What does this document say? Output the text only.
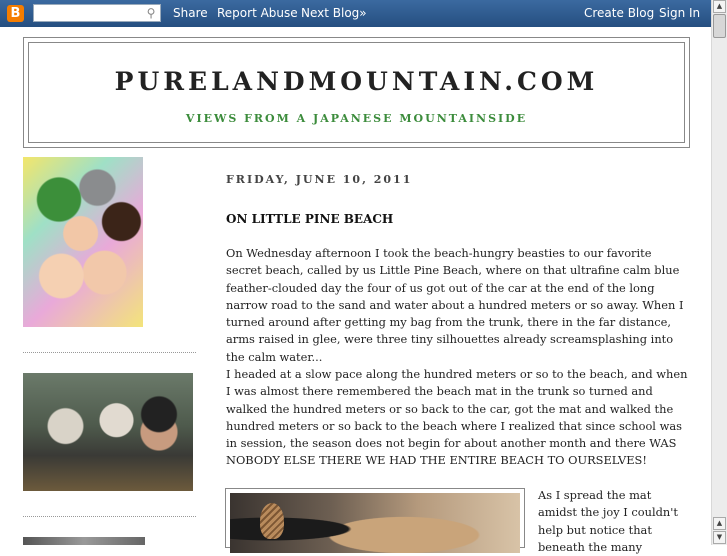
B	⚲ Share Report Abuse Next Blog»	Create Blog Sign In	▲
▲
▼
PURELANDMOUNTAIN.COM
VIEWS FROM A JAPANESE MOUNTAINSIDE
FRIDAY, JUNE 10, 2011
ON LITTLE PINE BEACH

On Wednesday afternoon I took the beach-hungry beasties to our favorite secret beach, called by us Little Pine Beach, where on that ultrafine calm blue feather-clouded day the four of us got out of the car at the end of the long narrow road to the sand and water about a hundred meters or so away. When I turned around after getting my bag from the trunk, there in the far distance, arms raised in glee, were three tiny silhouettes already screamsplashing into the calm water...

I headed at a slow pace along the hundred meters or so to the beach, and when I was almost there remembered the beach mat in the trunk so turned and walked the hundred meters or so back to the car, got the mat and walked the hundred meters or so back to the beach where I realized that since school was in session, the season does not begin for about another month and there WAS NOBODY ELSE THERE WE HAD THE ENTIRE BEACH TO OURSELVES!

As I spread the mat amidst the joy I couldn't help but notice that beneath the many
